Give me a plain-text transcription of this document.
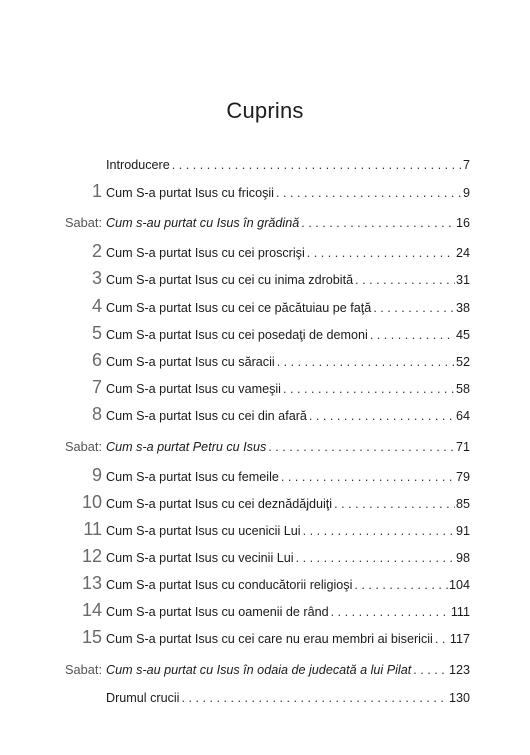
Cuprins
Introducere . . .	7
1 Cum S-a purtat Isus cu fricoşii . . .	9
Sabat: Cum s-au purtat cu Isus în grădină . . .	16
2 Cum S-a purtat Isus cu cei proscrişi . . .	24
3 Cum S-a purtat Isus cu cei cu inima zdrobită . . .	31
4 Cum S-a purtat Isus cu cei ce păcătuiau pe faţă . . .	38
5 Cum S-a purtat Isus cu cei posedaţi de demoni . . .	45
6 Cum S-a purtat Isus cu săracii . . .	52
7 Cum S-a purtat Isus cu vameşii . . .	58
8 Cum S-a purtat Isus cu cei din afară . . .	64
Sabat: Cum s-a purtat Petru cu Isus . . .	71
9 Cum S-a purtat Isus cu femeile . . .	79
10 Cum S-a purtat Isus cu cei deznădăjduiţi . . .	85
11 Cum S-a purtat Isus cu ucenicii Lui . . .	91
12 Cum S-a purtat Isus cu vecinii Lui . . .	98
13 Cum S-a purtat Isus cu conducătorii religioşi . . .	104
14 Cum S-a purtat Isus cu oamenii de rând . . .	111
15 Cum S-a purtat Isus cu cei care nu erau membri ai bisericii . . . 117
Sabat: Cum s-au purtat cu Isus în odaia de judecată a lui Pilat . . .	123
Drumul crucii . . .	130
